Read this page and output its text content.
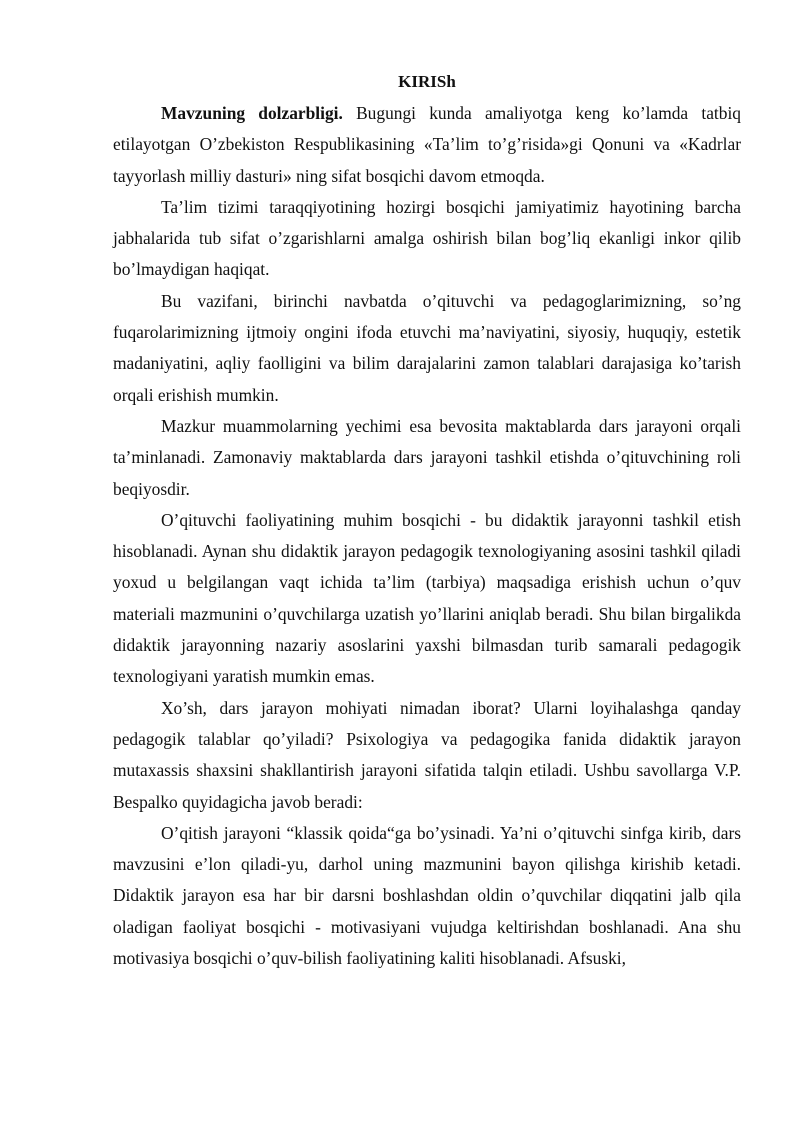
KIRISh

Mavzuning dolzarbligi. Bugungi kunda amaliyotga keng ko’lamda tatbiq etilayotgan O’zbekiston Respublikasining «Ta’lim to’g’risida»gi Qonuni va «Kadrlar tayyorlash milliy dasturi» ning sifat bosqichi davom etmoqda.

Ta’lim tizimi taraqqiyotining hozirgi bosqichi jamiyatimiz hayotining barcha jabhalarida tub sifat o’zgarishlarni amalga oshirish bilan bog’liq ekanligi inkor qilib bo’lmaydigan haqiqat.

Bu vazifani, birinchi navbatda o’qituvchi va pedagoglarimizning, so’ng fuqarolarimizning ijtmoiy ongini ifoda etuvchi ma’naviyatini, siyosiy, huquqiy, estetik madaniyatini, aqliy faolligini va bilim darajalarini zamon talablari darajasiga ko’tarish orqali erishish mumkin.

Mazkur muammolarning yechimi esa bevosita maktablarda dars jarayoni orqali ta’minlanadi. Zamonaviy maktablarda dars jarayoni tashkil etishda o’qituvchining roli beqiyosdir.

O’qituvchi faoliyatining muhim bosqichi - bu didaktik jarayonni tashkil etish hisoblanadi. Aynan shu didaktik jarayon pedagogik texnologiyaning asosini tashkil qiladi yoxud u belgilangan vaqt ichida ta’lim (tarbiya) maqsadiga erishish uchun o’quv materiali mazmunini o’quvchilarga uzatish yo’llarini aniqlab beradi. Shu bilan birgalikda didaktik jarayonning nazariy asoslarini yaxshi bilmasdan turib samarali pedagogik texnologiyani yaratish mumkin emas.

Xo’sh, dars jarayon mohiyati nimadan iborat? Ularni loyihalashga qanday pedagogik talablar qo’yiladi? Psixologiya va pedagogika fanida didaktik jarayon mutaxassis shaxsini shakllantirish jarayoni sifatida talqin etiladi. Ushbu savollarga V.P. Bespalko quyidagicha javob beradi:

O’qitish jarayoni “klassik qoida“ga bo’ysinadi. Ya’ni o’qituvchi sinfga kirib, dars mavzusini e’lon qiladi-yu, darhol uning mazmunini bayon qilishga kirishib ketadi. Didaktik jarayon esa har bir darsni boshlashdan oldin o’quvchilar diqqatini jalb qila oladigan faoliyat bosqichi - motivasiyani vujudga keltirishdan boshlanadi. Ana shu motivasiya bosqichi o’quv-bilish faoliyatining kaliti hisoblanadi. Afsuski,
